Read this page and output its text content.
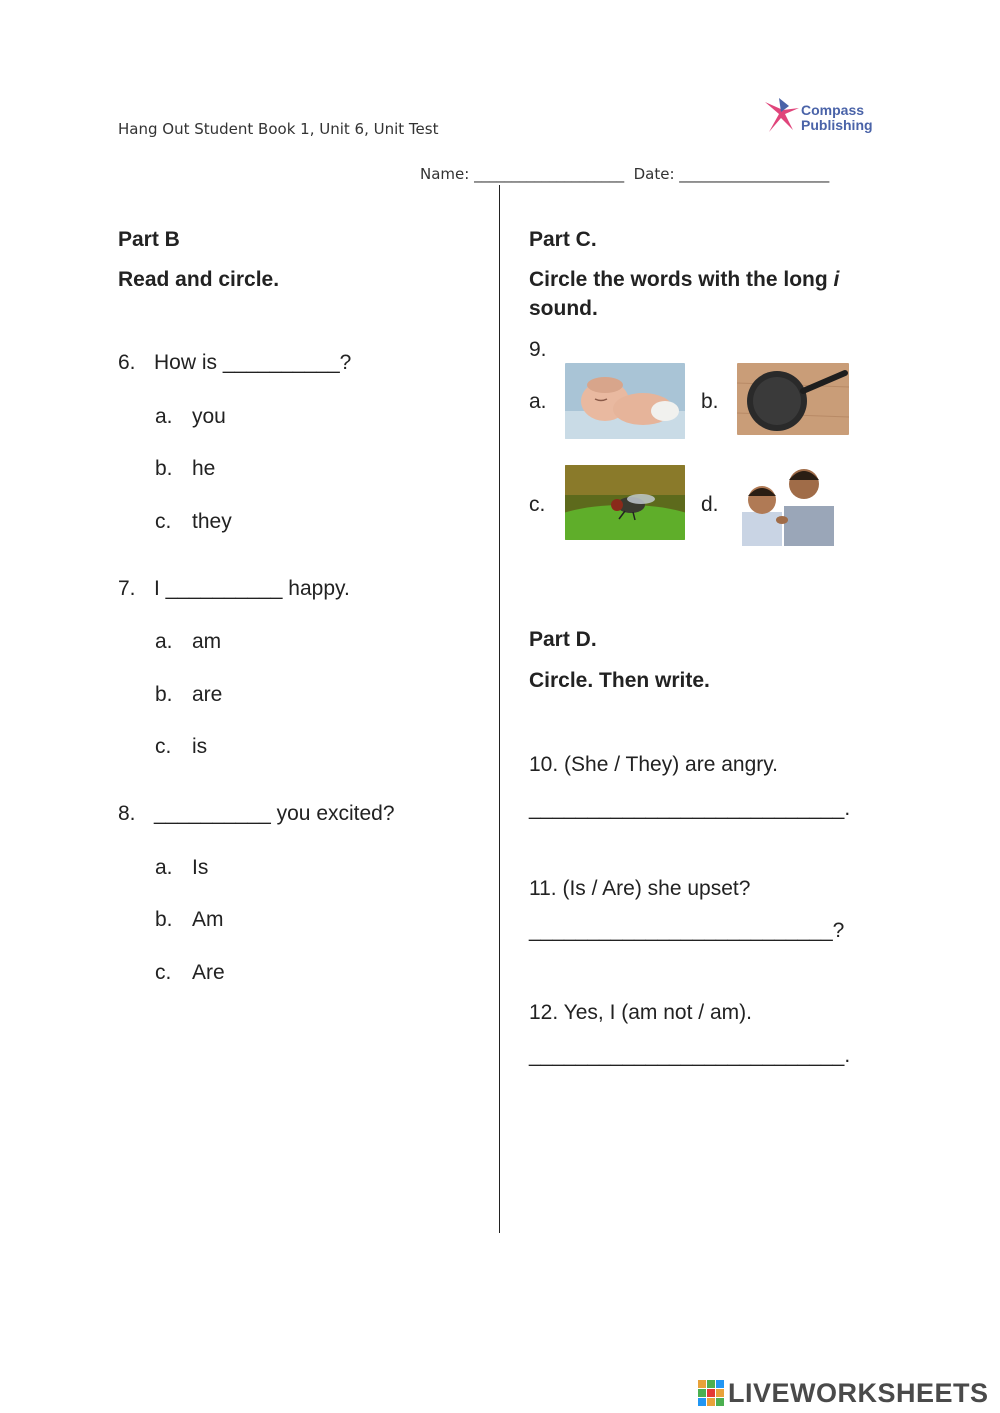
Hang Out Student Book 1, Unit 6, Unit Test
Compass
Publishing
Name: ____________________  Date: ____________________
Part B
Read and circle.
6. How is __________?
a. you
b. he
c. they
7. I __________ happy.
a. am
b. are
c. is
8. __________ you excited?
a. Is
b. Am
c. Are
Part C.
Circle the words with the long i
sound.
9.
a.	b.
c.	d.
Part D.
Circle. Then write.
10. (She / They) are angry.
___________________________.
11. (Is / Are) she upset?
__________________________?
12. Yes, I (am not / am).
___________________________.
LIVEWORKSHEETS
